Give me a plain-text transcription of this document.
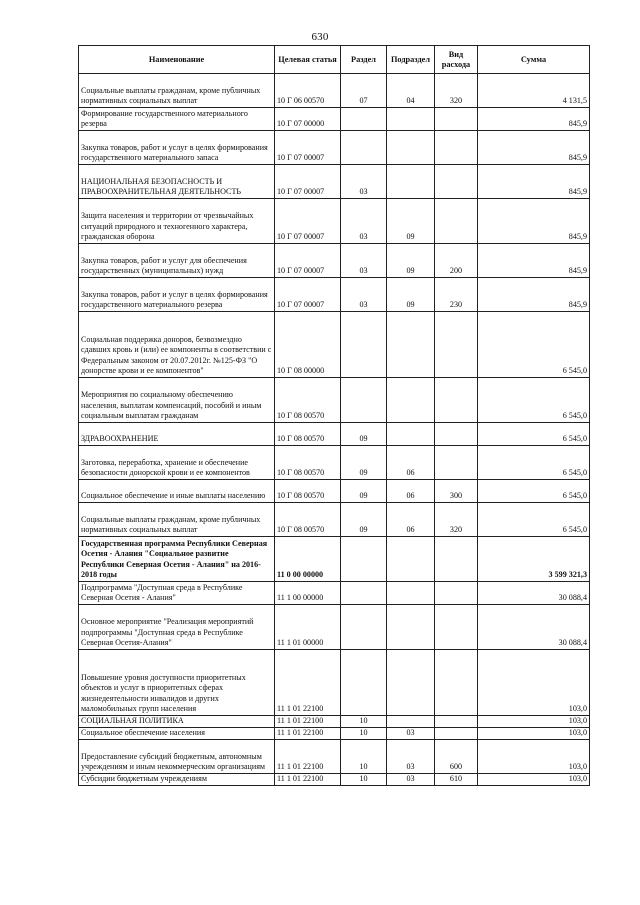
630
Наименование	Целевая статья	Раздел	Подраздел	Вид расхода	Сумма
Социальные выплаты гражданам, кроме публичных нормативных социальных выплат	10 Г 06 00570	07	04	320	4 131,5
Формирование государственного материального резерва	10 Г 07 00000				845,9
Закупка товаров, работ и услуг в целях формирования государственного материального запаса	10 Г 07 00007				845,9
НАЦИОНАЛЬНАЯ БЕЗОПАСНОСТЬ И ПРАВООХРАНИТЕЛЬНАЯ ДЕЯТЕЛЬНОСТЬ	10 Г 07 00007	03			845,9
Защита населения и территории от чрезвычайных ситуаций природного и техногенного характера, гражданская оборона	10 Г 07 00007	03	09		845,9
Закупка товаров, работ и услуг для обеспечения государственных (муниципальных) нужд	10 Г 07 00007	03	09	200	845,9
Закупка товаров, работ и услуг в целях формирования государственного материального резерва	10 Г 07 00007	03	09	230	845,9
Социальная поддержка доноров, безвозмездно сдавших кровь и (или) ее компоненты в соответствии с Федеральным законом от 20.07.2012г. №125-ФЗ "О донорстве крови и ее компонентов"	10 Г 08 00000				6 545,0
Мероприятия по социальному обеспечению населения, выплатам компенсаций, пособий и иным социальным выплатам гражданам	10 Г 08 00570				6 545,0
ЗДРАВООХРАНЕНИЕ	10 Г 08 00570	09			6 545,0
Заготовка, переработка, хранение и обеспечение безопасности донорской крови и ее компонентов	10 Г 08 00570	09	06		6 545,0
Социальное обеспечение и иные выплаты населению	10 Г 08 00570	09	06	300	6 545,0
Социальные выплаты гражданам, кроме публичных нормативных социальных выплат	10 Г 08 00570	09	06	320	6 545,0
Государственная программа Республики Северная Осетия - Алания "Социальное развитие Республики Северная Осетия - Алания" на 2016-2018 годы	11 0 00 00000				3 599 321,3
Подпрограмма "Доступная среда в Республике Северная Осетия - Алания"	11 1 00 00000				30 088,4
Основное мероприятие "Реализация мероприятий подпрограммы "Доступная среда в Республике Северная Осетия-Алания"	11 1 01 00000				30 088,4
Повышение уровня доступности приоритетных объектов и услуг в приоритетных сферах жизнедеятельности инвалидов и других маломобильных групп населения	11 1 01 22100				103,0
СОЦИАЛЬНАЯ ПОЛИТИКА	11 1 01 22100	10			103,0
Социальное обеспечение населения	11 1 01 22100	10	03		103,0
Предоставление субсидий бюджетным, автономным учреждениям и иным некоммерческим организациям	11 1 01 22100	10	03	600	103,0
Субсидии бюджетным учреждениям	11 1 01 22100	10	03	610	103,0
